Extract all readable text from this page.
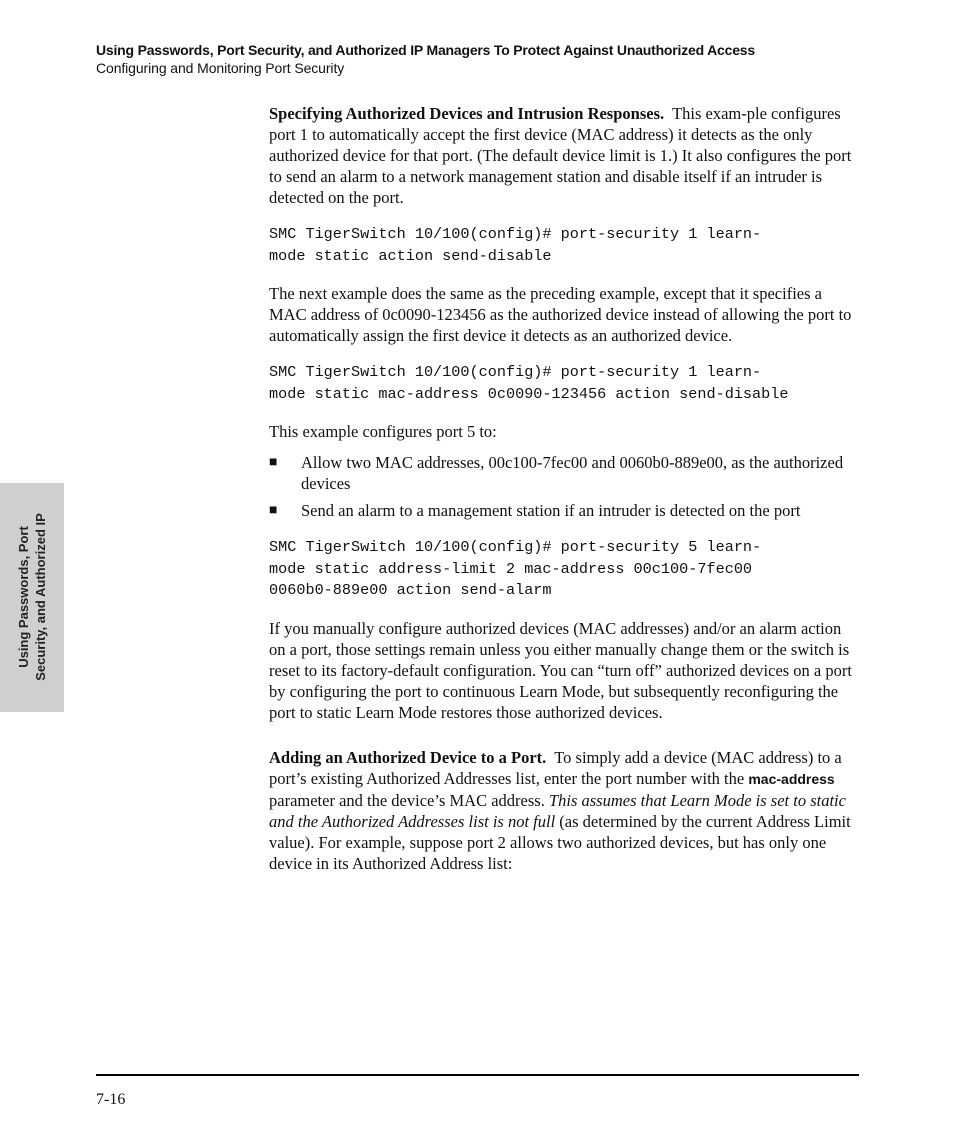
Using Passwords, Port Security, and Authorized IP Managers To Protect Against Unauthorized Access
Configuring and Monitoring Port Security
Using Passwords, Port Security, and Authorized IP

Specifying Authorized Devices and Intrusion Responses. This exam-ple configures port 1 to automatically accept the first device (MAC address) it detects as the only authorized device for that port. (The default device limit is 1.) It also configures the port to send an alarm to a network management station and disable itself if an intruder is detected on the port.

SMC TigerSwitch 10/100(config)# port-security 1 learn-
mode static action send-disable

The next example does the same as the preceding example, except that it specifies a MAC address of 0c0090-123456 as the authorized device instead of allowing the port to automatically assign the first device it detects as an authorized device.

SMC TigerSwitch 10/100(config)# port-security 1 learn-
mode static mac-address 0c0090-123456 action send-disable

This example configures port 5 to:

■ Allow two MAC addresses, 00c100-7fec00 and 0060b0-889e00, as the authorized devices
■ Send an alarm to a management station if an intruder is detected on the port
SMC TigerSwitch 10/100(config)# port-security 5 learn-
mode static address-limit 2 mac-address 00c100-7fec00
0060b0-889e00 action send-alarm

If you manually configure authorized devices (MAC addresses) and/or an alarm action on a port, those settings remain unless you either manually change them or the switch is reset to its factory-default configuration. You can “turn off” authorized devices on a port by configuring the port to continuous Learn Mode, but subsequently reconfiguring the port to static Learn Mode restores those authorized devices.

Adding an Authorized Device to a Port. To simply add a device (MAC address) to a port’s existing Authorized Addresses list, enter the port number with the mac-address parameter and the device’s MAC address. This assumes that Learn Mode is set to static and the Authorized Addresses list is not full (as determined by the current Address Limit value). For example, suppose port 2 allows two authorized devices, but has only one device in its Authorized Address list:

7-16
